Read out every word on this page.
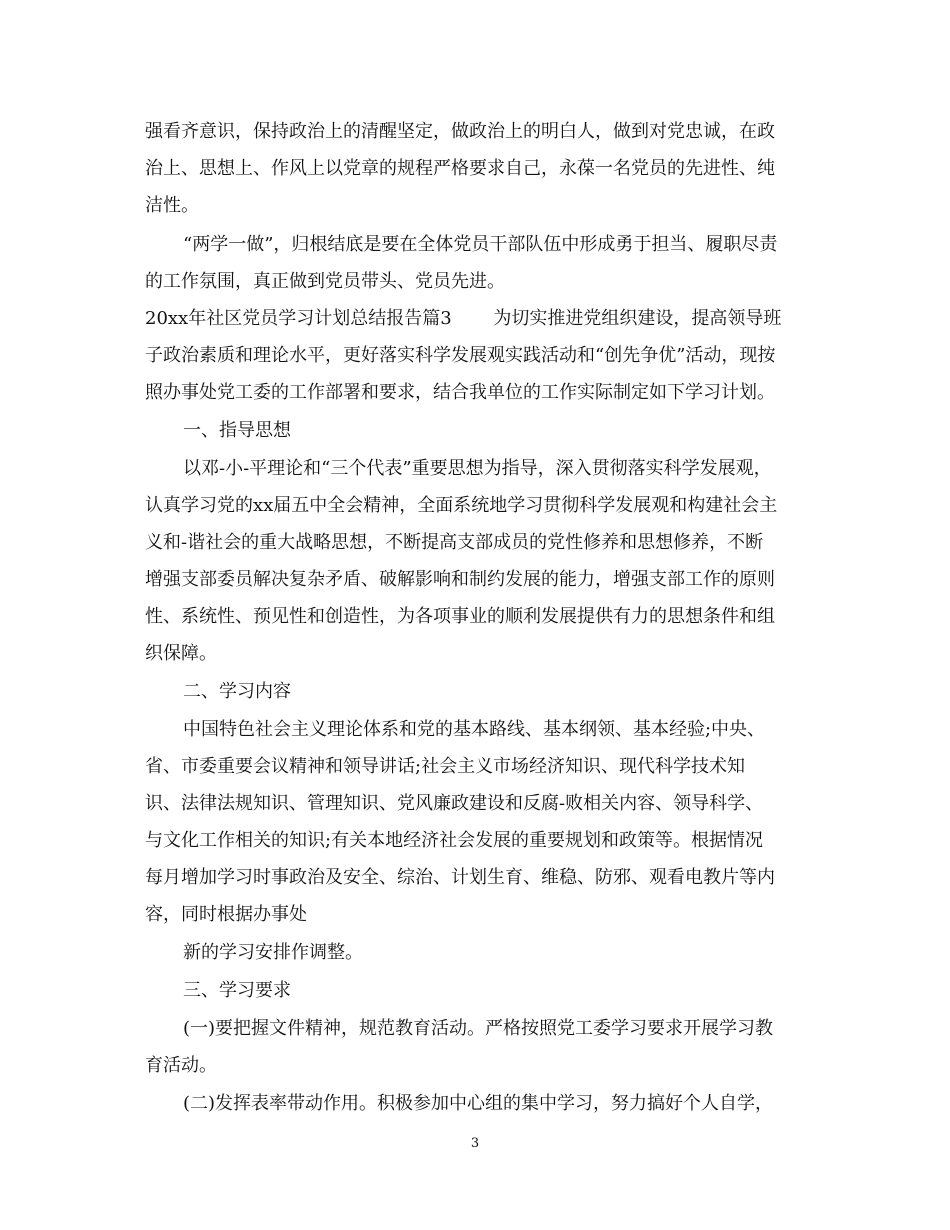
强看齐意识，保持政治上的清醒坚定，做政治上的明白人，做到对党忠诚，在政

治上、思想上、作风上以党章的规程严格要求自己，永葆一名党员的先进性、纯

洁性。

“两学一做”，归根结底是要在全体党员干部队伍中形成勇于担当、履职尽责

的工作氛围，真正做到党员带头、党员先进。

20xx年社区党员学习计划总结报告篇3　　 为切实推进党组织建设，提高领导班

子政治素质和理论水平，更好落实科学发展观实践活动和“创先争优”活动，现按

照办事处党工委的工作部署和要求，结合我单位的工作实际制定如下学习计划。

一、指导思想

以邓-小-平理论和“三个代表”重要思想为指导，深入贯彻落实科学发展观，

认真学习党的xx届五中全会精神，全面系统地学习贯彻科学发展观和构建社会主

义和-谐社会的重大战略思想，不断提高支部成员的党性修养和思想修养，不断

增强支部委员解决复杂矛盾、破解影响和制约发展的能力，增强支部工作的原则

性、系统性、预见性和创造性，为各项事业的顺利发展提供有力的思想条件和组

织保障。

二、学习内容

中国特色社会主义理论体系和党的基本路线、基本纲领、基本经验;中央、

省、市委重要会议精神和领导讲话;社会主义市场经济知识、现代科学技术知

识、法律法规知识、管理知识、党风廉政建设和反腐-败相关内容、领导科学、

与文化工作相关的知识;有关本地经济社会发展的重要规划和政策等。根据情况

每月增加学习时事政治及安全、综治、计划生育、维稳、防邪、观看电教片等内

容，同时根据办事处

新的学习安排作调整。

三、学习要求

(一)要把握文件精神，规范教育活动。严格按照党工委学习要求开展学习教

育活动。

(二)发挥表率带动作用。积极参加中心组的集中学习，努力搞好个人自学，

3
